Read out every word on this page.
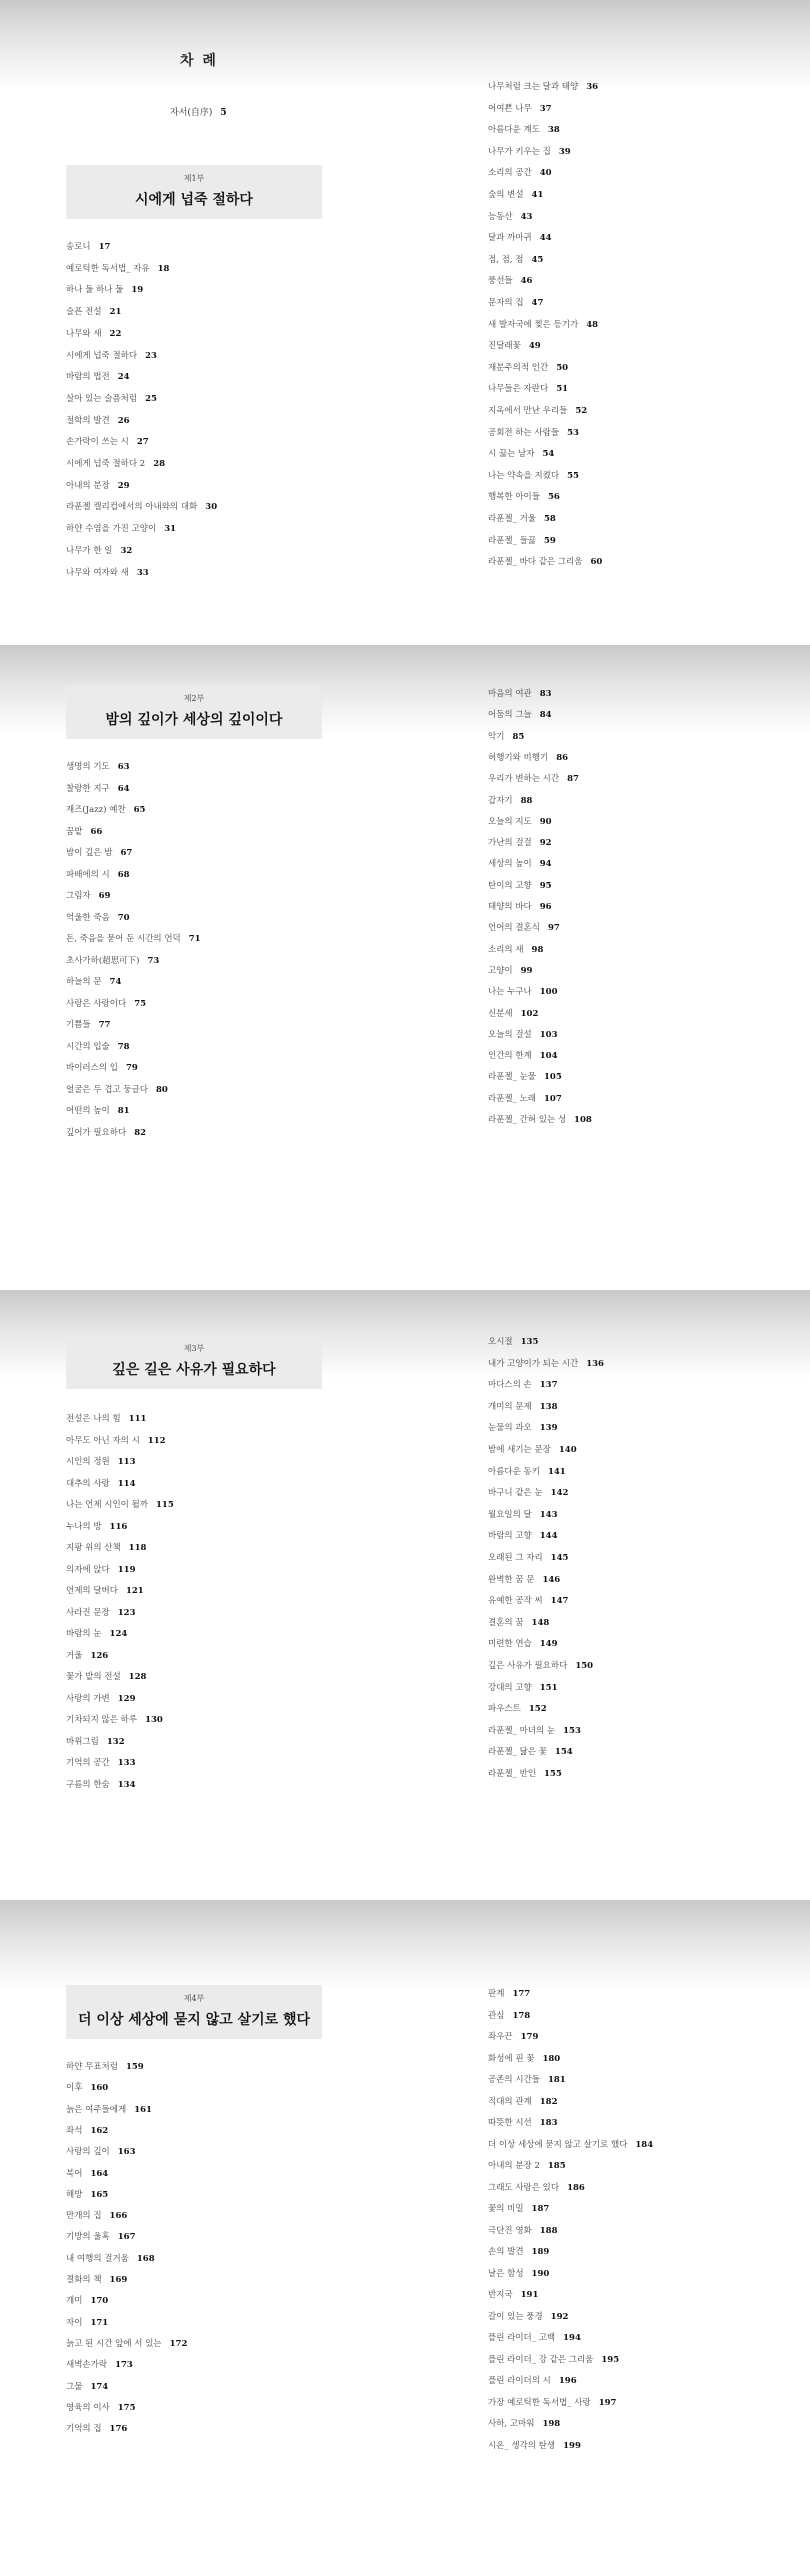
차 례
자서(自序) 5
제1부
시에게 넙죽 절하다
송로니 17
예로틱한 독서법_ 자유 18
하나 둘 하나 둘 19
슬픈 전설 21
나무와 새 22
시에게 넙죽 절하다 23
바람의 법전 24
살아 있는 슬픔처럼 25
절학의 발견 26
손가락이 쓰는 시 27
시에게 넙죽 절하다 2 28
아내의 분장 29
라푼젤 캘리컵에서의 아내와의 대화 30
하얀 수염을 가진 고양이 31
나무가 한 일 32
나무와 여자와 새 33
나무처럼 크는 달과 태양 36
어여쁜 나무 37
아름다운 계도 38
나무가 키우는 집 39
소리의 공간 40
숲의 변설 41
능동산 43
달과 까마귀 44
점, 점, 점 45
풍선들 46
문자의 집 47
새 발자국에 찢은 등기가 48
진달래꽃 49
재분주의적 인간 50
나무들은 자란다 51
지옥에서 만난 우리들 52
공회전 하는 사람들 53
시 끓는 남자 54
나는 약속을 지켰다 55
행복한 아이들 56
라푼젤_ 거울 58
라푼젤_ 들끓 59
라푼젤_ 바다 같은 그리움 60
제2부
밤의 깊이가 세상의 깊이이다
생명의 기도 63
찰랑한 지구 64
재즈(Jazz) 예찬 65
꿈밭 66
밤이 깊은 밤 67
파배에의 시 68
그림자 69
억울한 죽음 70
돈, 죽음을 묻어 둔 시간의 언덕 71
초사가하(超思可下) 73
하늘의 문 74
사랑은 사랑이다 75
기쁨들 77
시간의 입술 78
바이러스의 입 79
얼굴은 두 겹고 둥글다 80
어떤의 높이 81
깊어가 필요하다 82
마음의 여관 83
어둠의 그늘 84
악기 85
허행기와 비행기 86
우리가 변하는 시간 87
갑자기 88
오늘의 지도 90
가난의 걸걸 92
세상의 높이 94
탄이의 고향 95
태양의 바다 96
언어의 결혼식 97
소리의 새 98
고양이 99
나는 누구나 100
신분세 102
오늘의 걸설 103
인간의 한계 104
라푼젤_ 눈물 105
라푼젤_ 노래 107
라푼젤_ 간혀 있는 성 108
제3부
깊은 길은 사유가 필요하다
전설은 나의 힘 111
아무도 아닌 자의 시 112
시인의 정원 113
대추의 사랑 114
나는 언제 시인이 될까 115
누나의 방 116
지팡 위의 산책 118
의자에 앉다 119
언제의 달버다 121
사라진 문장 123
바람의 눈 124
거울 126
꽃가 밭의 전설 128
사랑의 가변 129
기차되지 않은 하루 130
바위그림 132
기억의 공간 133
구름의 한숨 134
오시절 135
내가 고양이가 되는 시간 136
마다스의 손 137
개미의 문제 138
눈물의 과오 139
밤에 새기는 문장 140
아름다운 동키 141
바구니 같은 눈 142
월요일의 달 143
바람의 고향 144
오래된 그 자리 145
완벽한 꿈 문 146
유예한 공작 씨 147
결혼의 꿈 148
미련한 연습 149
깊은 사유가 필요하다 150
강대의 고향 151
파우스트 152
라푼젤_ 마녀의 눈 153
라푼젤_ 닮은 꽃 154
라푼젤_ 반인 155
제4부
더 이상 세상에 묻지 않고 살기로 했다
하얀 무표처럼 159
이후 160
늙은 여주들에게 161
좌석 162
사랑의 깊이 163
북어 164
해방 165
만개의 집 166
기방의 울혹 167
내 여행의 걸거움 168
결화의 책 169
개미 170
자이 171
늙고 된 시간 앞에 서 있는 172
새벽손가락 173
그물 174
영육의 이사 175
기억의 집 176
판계 177
관심 178
좌우끈 179
화성에 핀 꽃 180
공존의 시간들 181
직대의 관계 182
따뜻한 시선 183
더 이상 세상에 묻지 않고 살기로 했다 184
아내의 분장 2 185
그래도 사랑은 있다 186
꽃의 비밀 187
극단진 영화 188
손의 발견 189
날은 함성 190
반지국 191
갈이 있는 풍경 192
플린 라이더_ 고백 194
플린 라이더_ 강 같은 그리움 195
플린 라이더의 시 196
가장 예로틱한 독서법_ 사랑 197
사하, 고마워 198
시온_ 생각의 탄생 199
